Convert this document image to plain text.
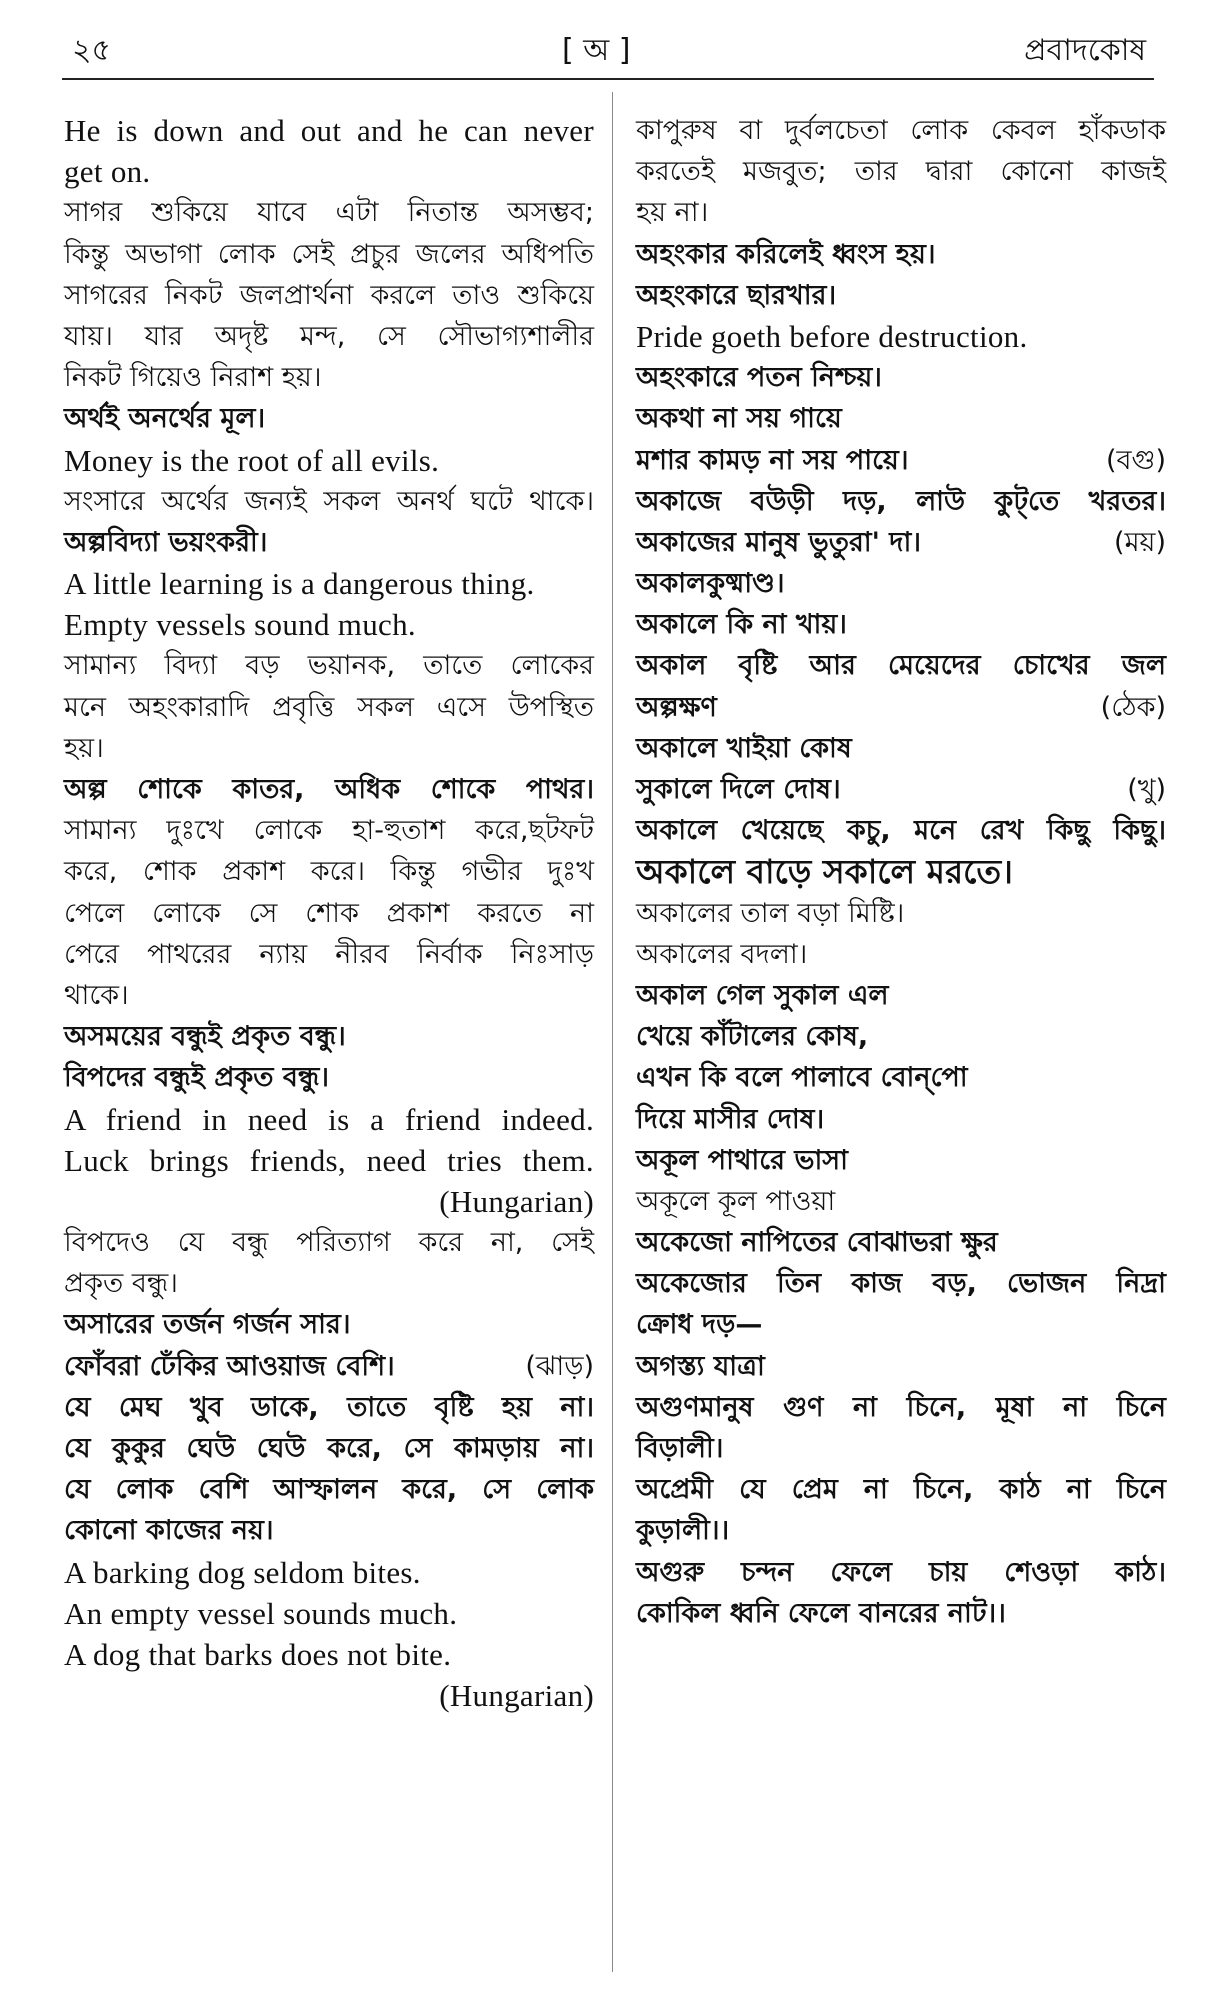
২৫	[ অ ]	প্রবাদকোষ
He is down and out and he can never
get on.
সাগর শুকিয়ে যাবে এটা নিতান্ত অসম্ভব;
কিন্তু অভাগা লোক সেই প্রচুর জলের অধিপতি
সাগরের নিকট জলপ্রার্থনা করলে তাও শুকিয়ে
যায়। যার অদৃষ্ট মন্দ, সে সৌভাগ্যশালীর
নিকট গিয়েও নিরাশ হয়।
অর্থই অনর্থের মূল।
Money is the root of all evils.
সংসারে অর্থের জন্যই সকল অনর্থ ঘটে থাকে।
অল্পবিদ্যা ভয়ংকরী।
A little learning is a dangerous thing.
Empty vessels sound much.
সামান্য বিদ্যা বড় ভয়ানক, তাতে লোকের
মনে অহংকারাদি প্রবৃত্তি সকল এসে উপস্থিত
হয়।
অল্প শোকে কাতর, অধিক শোকে পাথর।
সামান্য দুঃখে লোকে হা-হুতাশ করে,ছটফট
করে, শোক প্রকাশ করে। কিন্তু গভীর দুঃখ
পেলে লোকে সে শোক প্রকাশ করতে না
পেরে পাথরের ন্যায় নীরব নির্বাক নিঃসাড়
থাকে।
অসময়ের বন্ধুই প্রকৃত বন্ধু।
বিপদের বন্ধুই প্রকৃত বন্ধু।
A friend in need is a friend indeed.
Luck brings friends, need tries them.
(Hungarian)
বিপদেও যে বন্ধু পরিত্যাগ করে না, সেই
প্রকৃত বন্ধু।
অসারের তর্জন গর্জন সার।
ফোঁবরা ঢেঁকির আওয়াজ বেশি।	(ঝাড়)
যে মেঘ খুব ডাকে, তাতে বৃষ্টি হয় না।
যে কুকুর ঘেউ ঘেউ করে, সে কামড়ায় না।
যে লোক বেশি আস্ফালন করে, সে লোক
কোনো কাজের নয়।
A barking dog seldom bites.
An empty vessel sounds much.
A dog that barks does not bite.
(Hungarian)
কাপুরুষ বা দুর্বলচেতা লোক কেবল হাঁকডাক
করতেই মজবুত; তার দ্বারা কোনো কাজই
হয় না।
অহংকার করিলেই ধ্বংস হয়।
অহংকারে ছারখার।
Pride goeth before destruction.
অহংকারে পতন নিশ্চয়।
অকথা না সয় গায়ে
মশার কামড় না সয় পায়ে।	(বগু)
অকাজে বউড়ী দড়, লাউ কুট্‌তে খরতর।
অকাজের মানুষ ভুতুরা' দা।	(ময়)
অকালকুষ্মাণ্ড।
অকালে কি না খায়।
অকাল বৃষ্টি আর মেয়েদের চোখের জল
অল্পক্ষণ	(ঠেক)
অকালে খাইয়া কোষ
সুকালে দিলে দোষ।	(খু)
অকালে খেয়েছে কচু, মনে রেখ কিছু কিছু।
অকালে বাড়ে সকালে মরতে।
অকালের তাল বড়া মিষ্টি।
অকালের বদলা।
অকাল গেল সুকাল এল
খেয়ে কাঁটালের কোষ,
এখন কি বলে পালাবে বোন্‌পো
দিয়ে মাসীর দোষ।
অকূল পাথারে ভাসা
অকূলে কূল পাওয়া
অকেজো নাপিতের বোঝাভরা ক্ষুর
অকেজোর তিন কাজ বড়, ভোজন নিদ্রা
ক্রোধ দড়—
অগস্ত্য যাত্রা
অগুণমানুষ গুণ না চিনে, মূষা না চিনে
বিড়ালী।
অপ্রেমী যে প্রেম না চিনে, কাঠ না চিনে
কুড়ালী।।
অগুরু চন্দন ফেলে চায় শেওড়া কাঠ।
কোকিল ধ্বনি ফেলে বানরের নাট।।
